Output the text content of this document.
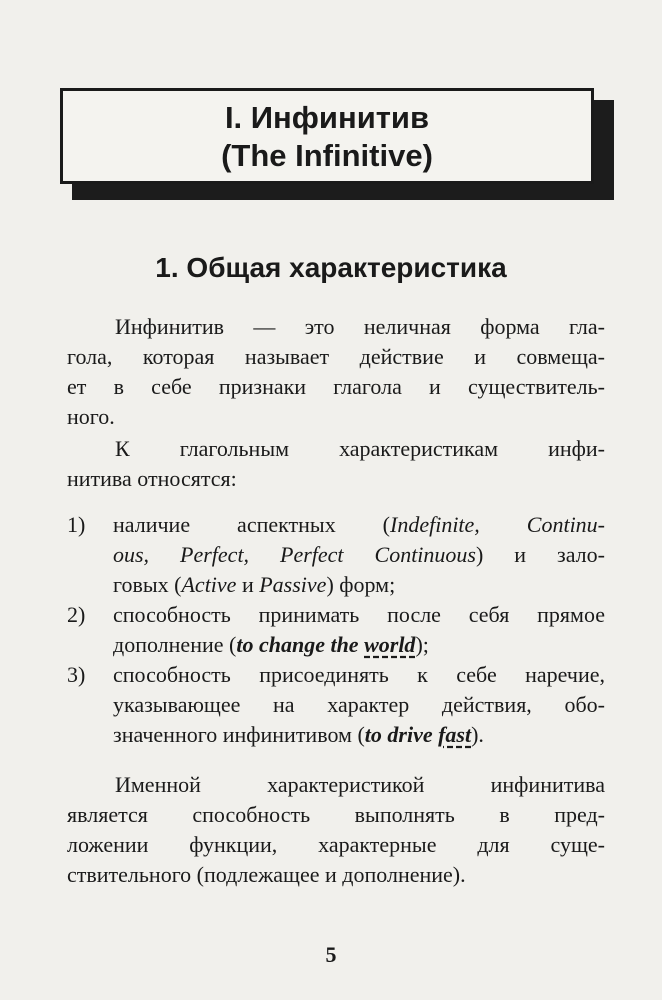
I. Инфинитив
(The Infinitive)
1. Общая характеристика
Инфинитив — это неличная форма гла-
гола, которая называет действие и совмеща-
ет в себе признаки глагола и существитель-
ного.
К глагольным характеристикам инфи-
нитива относятся:
1) наличие аспектных (Indefinite, Continu-
ous, Perfect, Perfect Continuous) и зало-
говых (Active и Passive) форм;
2) способность принимать после себя прямое
дополнение (to change the world);
3) способность присоединять к себе наречие,
указывающее на характер действия, обо-
значенного инфинитивом (to drive fast).
Именной характеристикой инфинитива
является способность выполнять в пред-
ложении функции, характерные для суще-
ствительного (подлежащее и дополнение).
5
